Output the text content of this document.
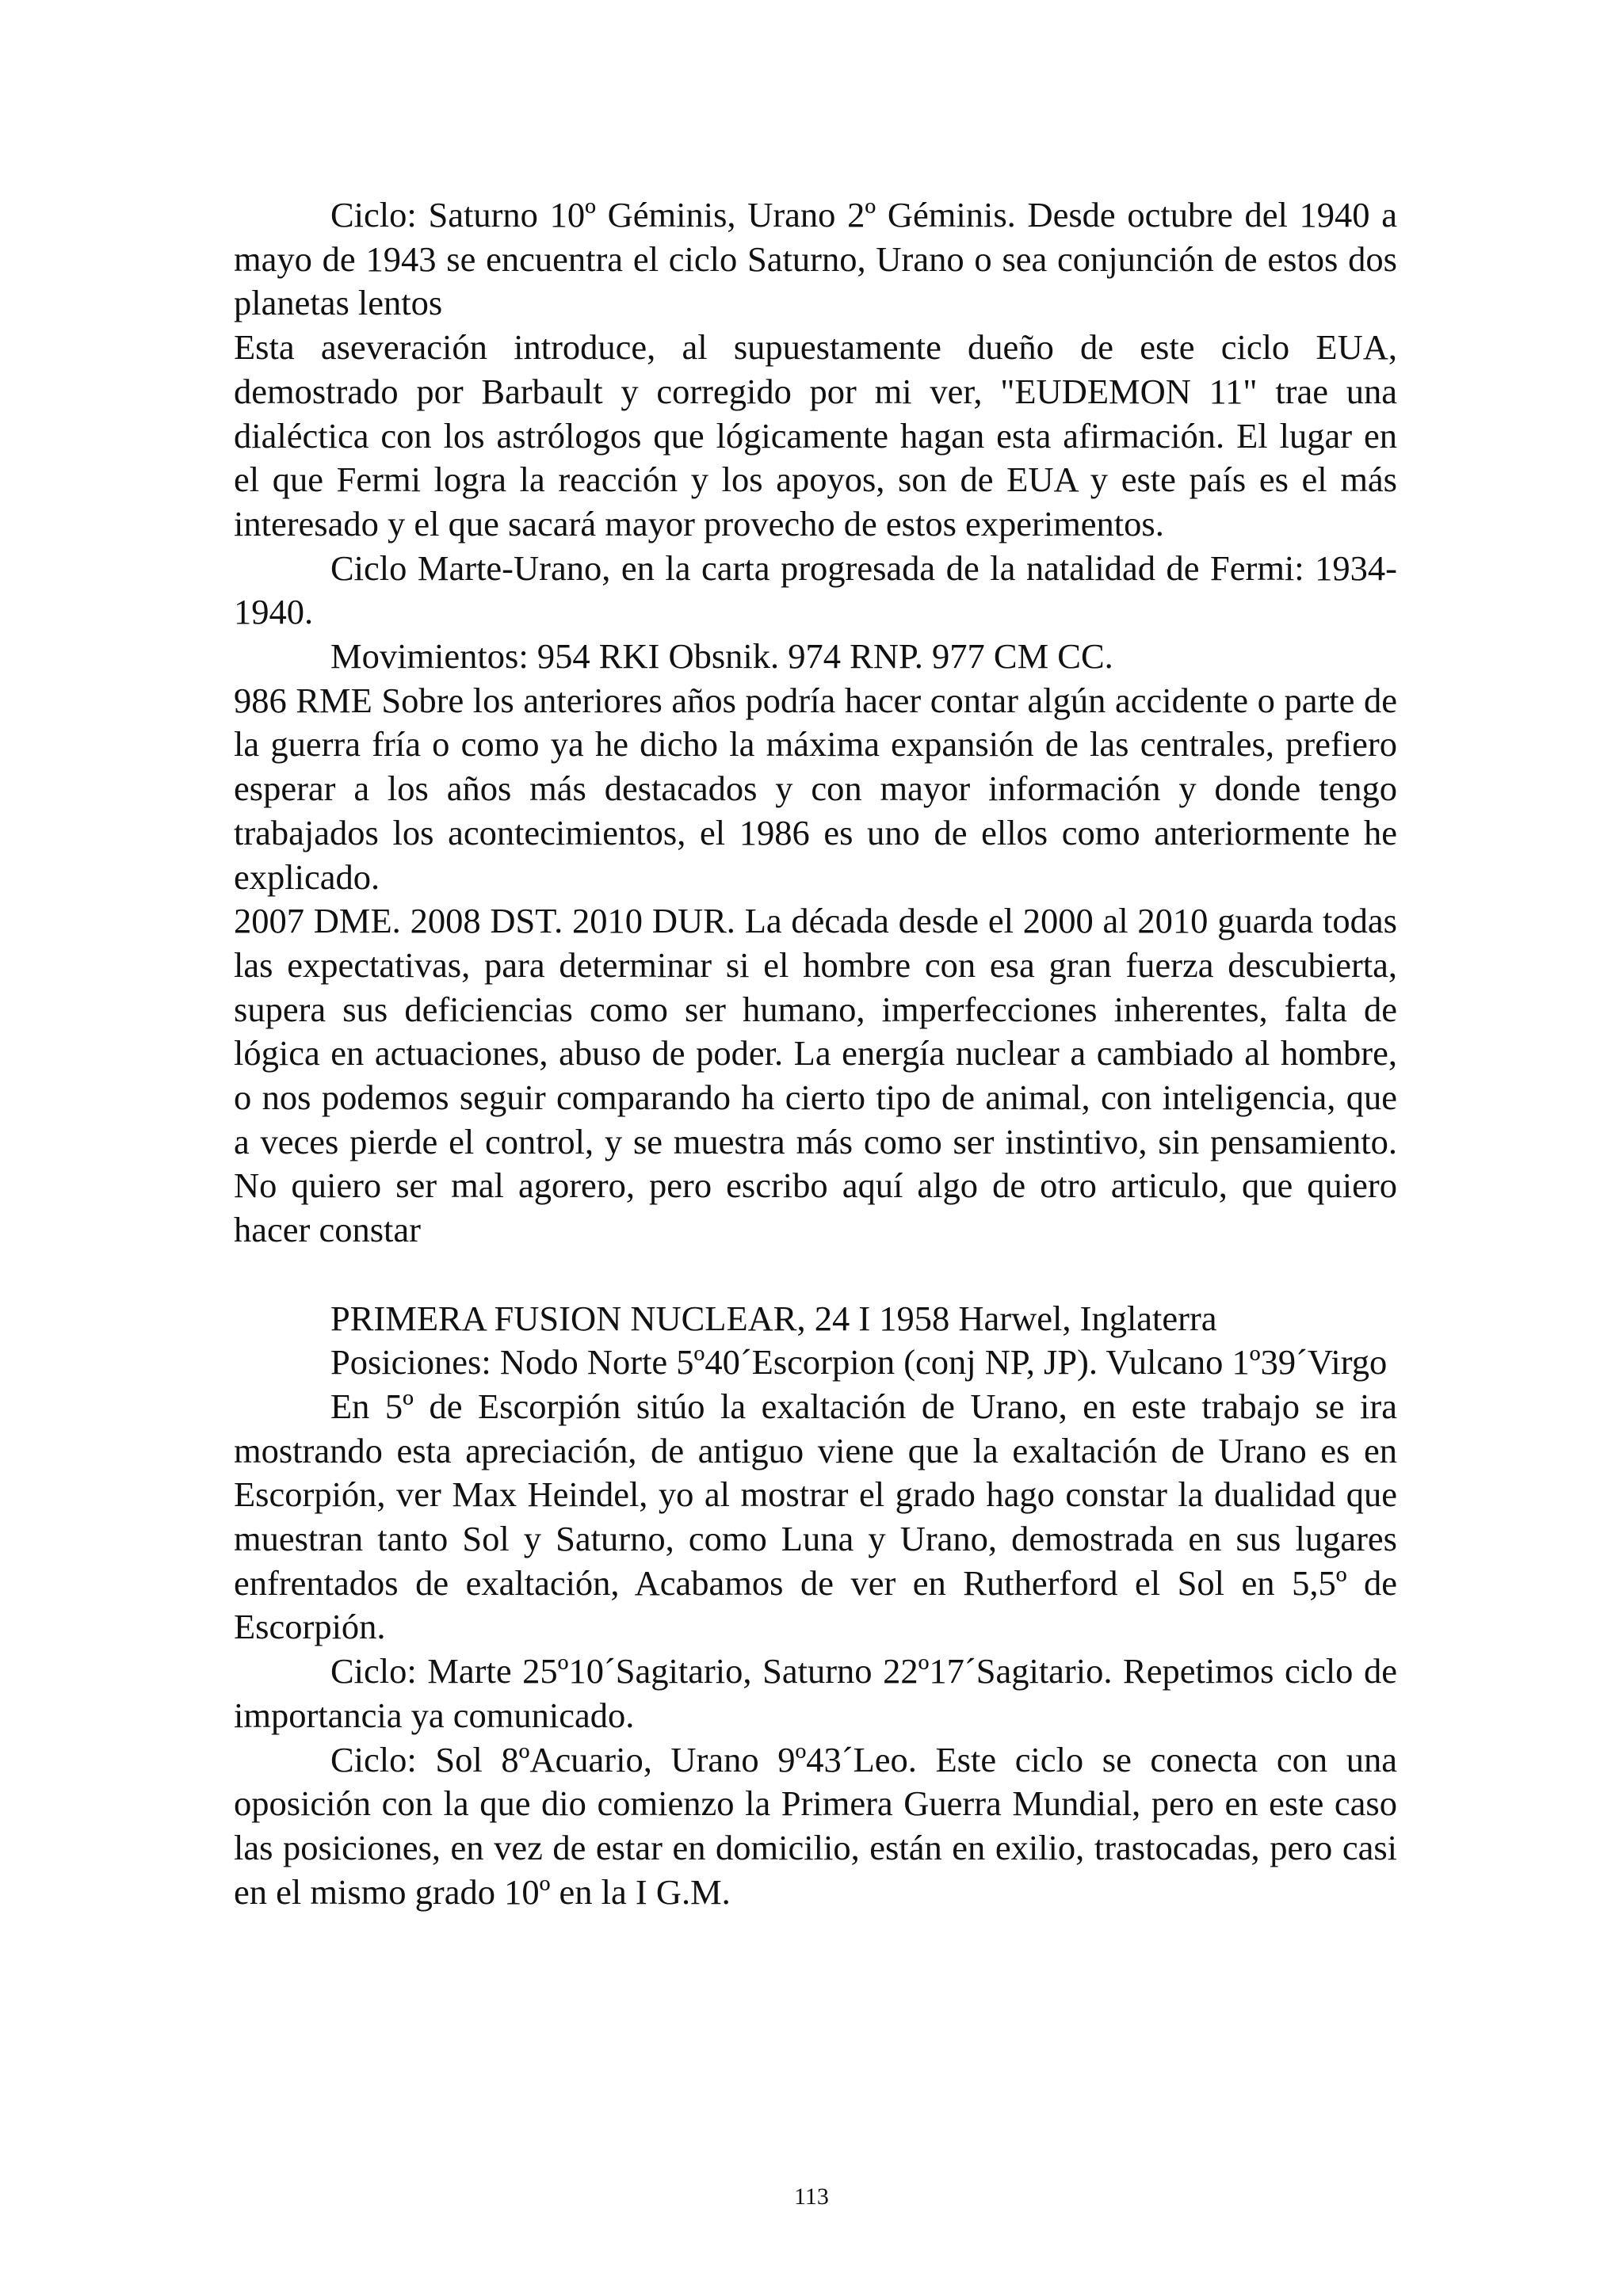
Ciclo: Saturno 10º Géminis, Urano 2º Géminis. Desde octubre del 1940 a mayo de 1943 se encuentra el ciclo Saturno, Urano o sea conjunción de estos dos planetas lentos

Esta aseveración introduce, al supuestamente dueño de este ciclo EUA, demostrado por Barbault y corregido por mi ver, "EUDEMON 11" trae una dialéctica con los astrólogos que lógicamente hagan esta afirmación. El lugar en el que Fermi logra la reacción y los apoyos, son de EUA y este país es el más interesado y el que sacará mayor provecho de estos experimentos.

Ciclo Marte-Urano, en la carta progresada de la natalidad de Fermi: 1934-1940.

Movimientos: 954 RKI Obsnik. 974 RNP. 977 CM CC.

986 RME Sobre los anteriores años podría hacer contar algún accidente o parte de la guerra fría o como ya he dicho la máxima expansión de las centrales, prefiero esperar a los años más destacados y con mayor información y donde tengo trabajados los acontecimientos, el 1986 es uno de ellos como anteriormente he explicado.

2007 DME. 2008 DST. 2010 DUR. La década desde el 2000 al 2010 guarda todas las expectativas, para determinar si el hombre con esa gran fuerza descubierta, supera sus deficiencias como ser humano, imperfecciones inherentes, falta de lógica en actuaciones, abuso de poder. La energía nuclear a cambiado al hombre, o nos podemos seguir comparando ha cierto tipo de animal, con inteligencia, que a veces pierde el control, y se muestra más como ser instintivo, sin pensamiento. No quiero ser mal agorero, pero escribo aquí algo de otro articulo, que quiero hacer constar

PRIMERA FUSION NUCLEAR, 24 I 1958 Harwel, Inglaterra

Posiciones: Nodo Norte 5º40´Escorpion (conj NP, JP). Vulcano 1º39´Virgo

En 5º de Escorpión sitúo la exaltación de Urano, en este trabajo se ira mostrando esta apreciación, de antiguo viene que la exaltación de Urano es en Escorpión, ver Max Heindel, yo al mostrar el grado hago constar la dualidad que muestran tanto Sol y Saturno, como Luna y Urano, demostrada en sus lugares enfrentados de exaltación, Acabamos de ver en Rutherford el Sol en 5,5º de Escorpión.

Ciclo: Marte 25º10´Sagitario, Saturno 22º17´Sagitario. Repetimos ciclo de importancia ya comunicado.

Ciclo: Sol 8ºAcuario, Urano 9º43´Leo. Este ciclo se conecta con una oposición con la que dio comienzo la Primera Guerra Mundial, pero en este caso las posiciones, en vez de estar en domicilio, están en exilio, trastocadas, pero casi en el mismo grado 10º en la I G.M.

113
